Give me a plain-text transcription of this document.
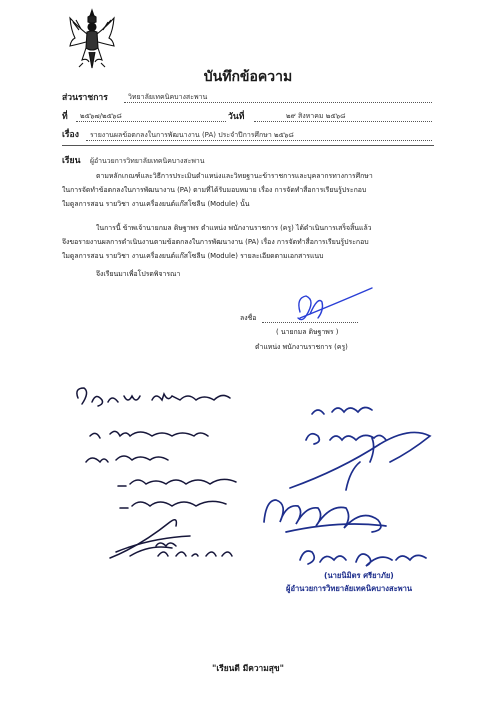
บันทึกข้อความ
ส่วนราชการ	วิทยาลัยเทคนิคบางสะพาน
ที่ ๒๕๖๗/๒๕๖๘	วันที่	๒๙ สิงหาคม ๒๕๖๘
เรื่อง รายงานผลข้อตกลงในการพัฒนางาน (PA) ประจำปีการศึกษา ๒๕๖๘
เรียน ผู้อำนวยการวิทยาลัยเทคนิคบางสะพาน
ตามหลักเกณฑ์และวิธีการประเมินตำแหน่งและวิทยฐานะข้าราชการและบุคลากรทางการศึกษา
ในการจัดทำข้อตกลงในการพัฒนางาน (PA) ตามที่ได้รับมอบหมาย เรื่อง การจัดทำสื่อการเรียนรู้ประกอบ
ใมดูลการสอน รายวิชา งานเครื่องยนต์แก๊สโซลีน (Module) นั้น
ในการนี้ ข้าพเจ้านายกมล ดิษฐาพร ตำแหน่ง พนักงานราชการ (ครู) ได้ดำเนินการเสร็จสิ้นแล้ว
จึงขอรายงานผลการดำเนินงานตามข้อตกลงในการพัฒนางาน (PA) เรื่อง การจัดทำสื่อการเรียนรู้ประกอบ
ใมดูลการสอน รายวิชา งานเครื่องยนต์แก๊สโซลีน (Module) รายละเอียดตามเอกสารแนบ
จึงเรียนมาเพื่อโปรดพิจารณา
ลงชื่อ
( นายกมล ดิษฐาพร )
ตำแหน่ง พนักงานราชการ (ครู)
(นายนิมิตร ศรียาภัย)
ผู้อำนวยการวิทยาลัยเทคนิคบางสะพาน
"เรียนดี มีความสุข"
